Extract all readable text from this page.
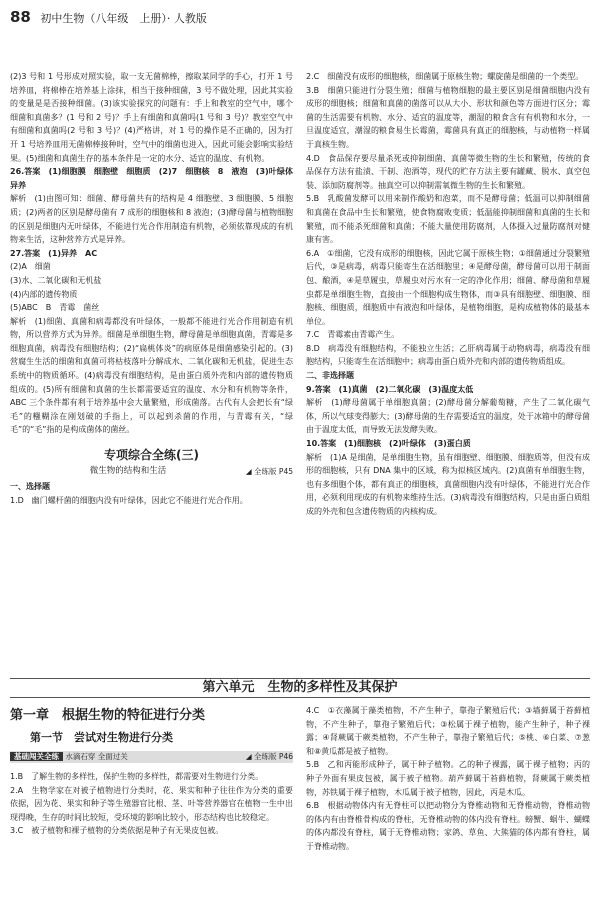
88 初中生物（八年级　上册）· 人教版

(2)3 号和 1 号形成对照实验，取一支无菌棉棒，擦取某同学的手心，打开 1 号培养皿，将棉棒在培养基上涂抹，相当于接种细菌，3 号不做处理，因此其实验的变量是是否接种细菌。(3)该实验探究的问题有：手上和教室的空气中，哪个细菌和真菌多？(1 号和 2 号)？手上有细菌和真菌吗(1 号和 3 号)？教室空气中有细菌和真菌吗(2 号和 3 号)？(4)严格讲，对 1 号的操作是不正确的，因为打开 1 号培养皿用无菌棉棒接种时，空气中的细菌也进入，因此可能会影响实验结果。(5)细菌和真菌生存的基本条件是一定的水分、适宜的温度、有机物。

26.答案　(1)细胞膜　细胞壁　细胞质　(2)7　细胞核　8　液泡　(3)叶绿体　异养

解析　(1)由图可知：细菌、酵母菌共有的结构是 4 细胞壁、3 细胞膜、5 细胞质；(2)两者的区别是酵母菌有 7 成形的细胞核和 8 液泡；(3)酵母菌与植物细胞的区别是细胞内无叶绿体，不能进行光合作用制造有机物，必须依靠现成的有机物来生活，这种营养方式是异养。

27.答案　(1)异养　AC

(2)A　细菌

(3)水、二氧化碳和无机盐

(4)内部的遗传物质

(5)ABC　B　青霉　菌丝

解析　(1)细菌、真菌和病毒都没有叶绿体，一般都不能进行光合作用制造有机物，所以营养方式为异养。细菌是单细胞生物，酵母菌是单细胞真菌，青霉是多细胞真菌，病毒没有细胞结构；(2)“扁桃体炎”的病原体是细菌感染引起的。(3)营腐生生活的细菌和真菌可将枯枝落叶分解成水、二氧化碳和无机盐，促进生态系统中的物质循环。(4)病毒没有细胞结构，是由蛋白质外壳和内部的遗传物质组成的。(5)所有细菌和真菌的生长都需要适宜的温度、水分和有机物等条件，ABC 三个条件都有利于培养基中会大量繁殖，形成菌落。古代有人会把长有“绿毛”的糨糊涂在刚划破的手指上，可以起到杀菌的作用，与青霉有关，“绿毛”的“毛”指的是构成菌体的菌丝。

专项综合全练(三)
微生物的结构和生活	◢ 全练版 P45

一、选择题

1.D　幽门螺杆菌的细胞内没有叶绿体，因此它不能进行光合作用。

2.C　细菌没有成形的细胞核，细菌属于原核生物；螺旋菌是细菌的一个类型。

3.B　细菌只能进行分裂生殖；细菌与植物细胞的最主要区别是细菌细胞内没有成形的细胞核；细菌和真菌的菌落可以从大小、形状和颜色等方面进行区分；霉菌的生活需要有机物、水分、适宜的温度等，潮湿的粮食含有有机物和水分，一旦温度适宜，潮湿的粮食易生长霉菌，霉菌具有真正的细胞核，与动植物一样属于真核生物。

4.D　食品保存要尽量杀死或抑制细菌、真菌等微生物的生长和繁殖，传统的食品保存方法有盐渍、干制、泡酒等，现代的贮存方法主要有罐藏、脱水、真空包装、添加防腐剂等。抽真空可以抑制需氧微生物的生长和繁殖。

5.B　乳酸菌发酵可以用来制作酸奶和泡菜，而不是酵母菌；低温可以抑制细菌和真菌在食品中生长和繁殖，使食物腐败变质；低温能抑制细菌和真菌的生长和繁殖，而不能杀死细菌和真菌；不能大量使用防腐剂，人体摄入过量防腐剂对健康有害。

6.A　①细菌，它没有成形的细胞核，因此它属于原核生物；①细菌通过分裂繁殖后代，③是病毒，病毒只能寄生在活细胞里；④是酵母菌，酵母菌可以用于制面包、酿酒，④是草履虫，草履虫对污水有一定的净化作用；细菌、酵母菌和草履虫都是单细胞生物，直接由一个细胞构成生物体，而③具有细胞壁、细胞膜、细胞核、细胞质，细胞质中有液泡和叶绿体，是植物细胞，是构成植物体的最基本单位。

7.C　青霉素由青霉产生。

8.D　病毒没有细胞结构，不能独立生活；乙肝病毒属于动物病毒，病毒没有细胞结构，只能寄生在活细胞中；病毒由蛋白质外壳和内部的遗传物质组成。

二、非选择题

9.答案　(1)真菌　(2)二氧化碳　(3)温度太低

解析　(1)酵母菌属于单细胞真菌；(2)酵母菌分解葡萄糖，产生了二氧化碳气体，所以气球变得膨大；(3)酵母菌的生存需要适宜的温度，处于冰箱中的酵母菌由于温度太低，而导致无法发酵失败。

10.答案　(1)细胞核　(2)叶绿体　(3)蛋白质

解析　(1)A 是细菌，是单细胞生物，虽有细胞壁、细胞膜、细胞质等，但没有成形的细胞核，只有 DNA 集中的区域，称为拟核区域内。(2)真菌有单细胞生物，也有多细胞个体，都有真正的细胞核，真菌细胞内没有叶绿体，不能进行光合作用，必须利用现成的有机物来维持生活。(3)病毒没有细胞结构，只是由蛋白质组成的外壳和包含遗传物质的内核构成。

第六单元　生物的多样性及其保护
第一章　根据生物的特征进行分类
第一节　尝试对生物进行分类
基础闯关全练 水滴石穿 全面过关	◢ 全练版 P46

1.B　了解生物的多样性，保护生物的多样性，都需要对生物进行分类。

2.A　生物学家在对被子植物进行分类时，花、果实和种子往往作为分类的重要依据，因为花、果实和种子等生殖器官比根、茎、叶等营养器官在植物一生中出现得晚，生存的时间比较短，受环境的影响比较小，形态结构也比较稳定。

3.C　被子植物和裸子植物的分类依据是种子有无果皮包被。

4.C　①衣藻属于藻类植物，不产生种子，靠孢子繁殖后代；③墙藓属于苔藓植物，不产生种子，靠孢子繁殖后代；③松属于裸子植物，能产生种子，种子裸露；④肾蕨属于蕨类植物，不产生种子，靠孢子繁殖后代；⑤桃、⑥白菜、⑦葱和⑧黄瓜都是被子植物。

5.B　乙和丙能形成种子，属于种子植物。乙的种子裸露，属于裸子植物；丙的种子外面有果皮包被，属于被子植物。葫芦藓属于苔藓植物，肾蕨属于蕨类植物，苏铁属于裸子植物，木瓜属于被子植物，因此，丙是木瓜。

6.B　根据动物体内有无脊柱可以把动物分为脊椎动物和无脊椎动物，脊椎动物的体内有由脊椎骨构成的脊柱，无脊椎动物的体内没有脊柱。螃蟹、蜗牛、蝴蝶的体内都没有脊柱，属于无脊椎动物；家鸽、草鱼、大熊猫的体内都有脊柱，属于脊椎动物。
